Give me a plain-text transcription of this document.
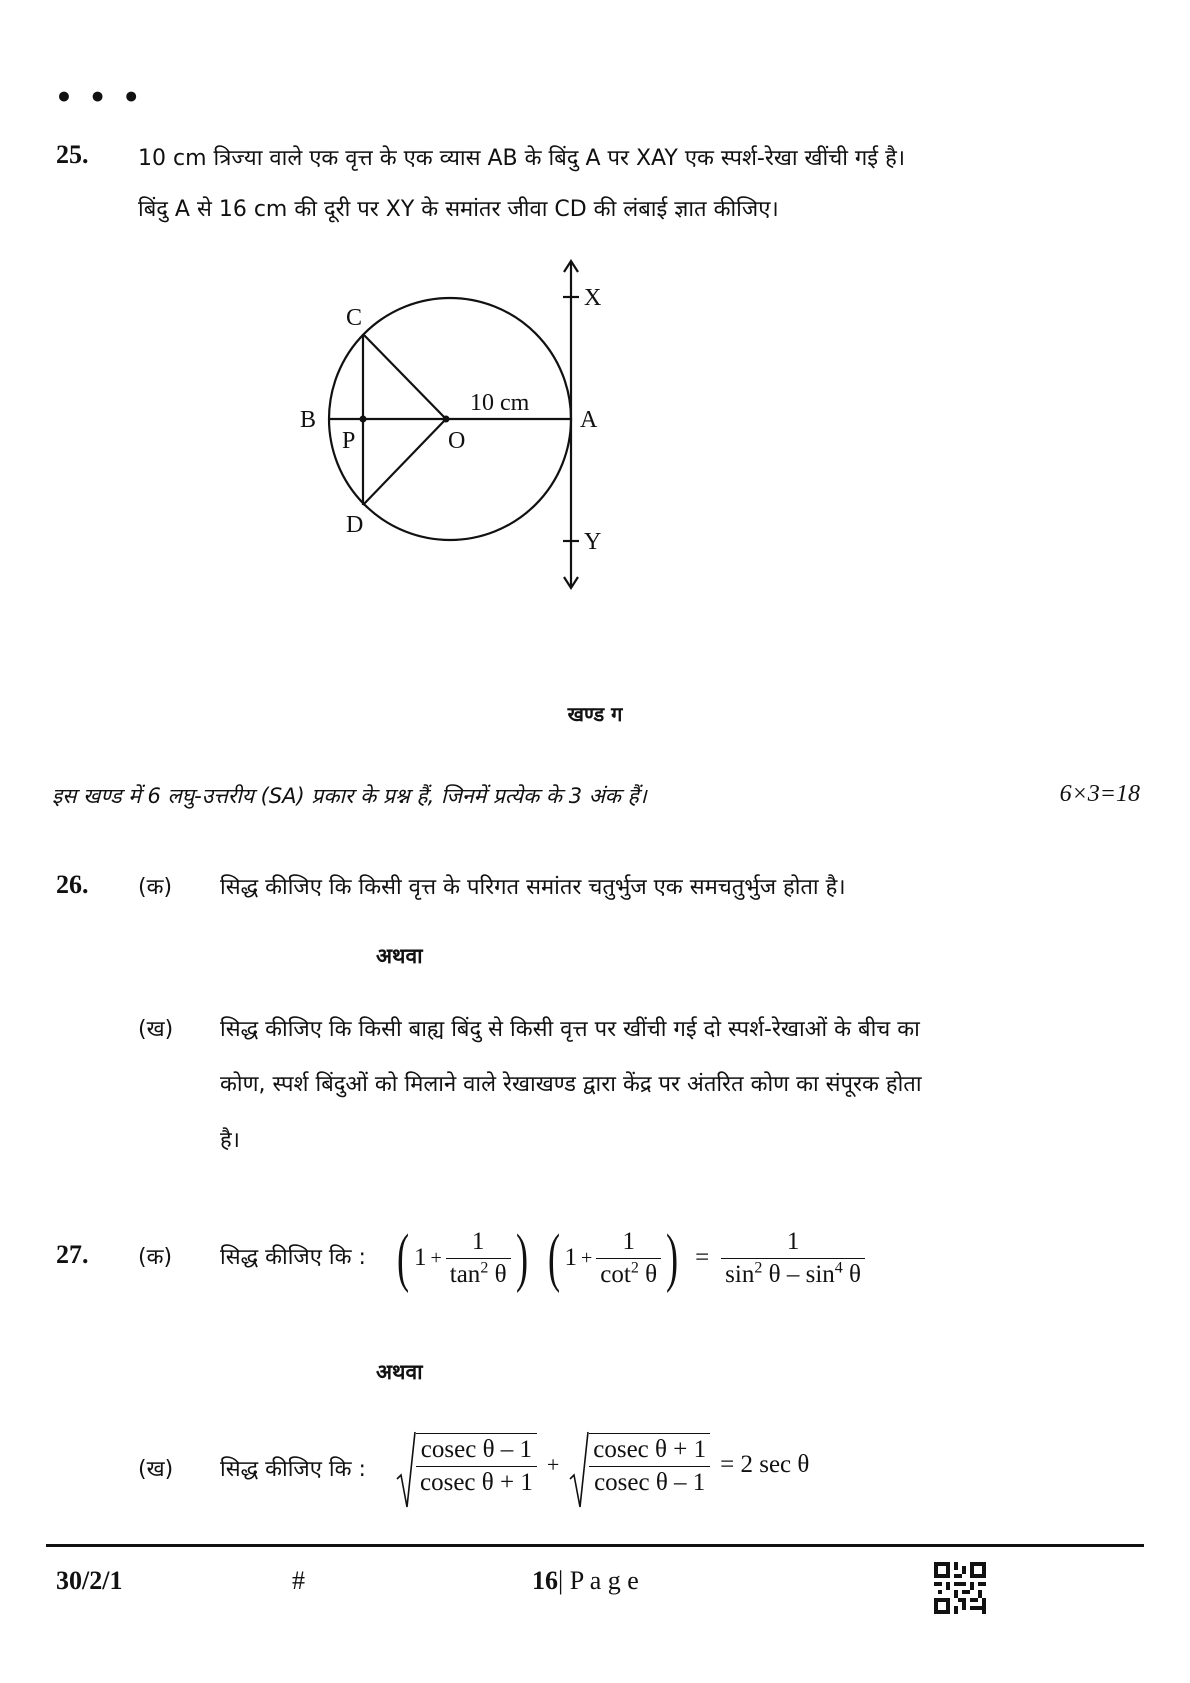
• • •
25. 10 cm त्रिज्या वाले एक वृत्त के एक व्यास AB के बिंदु A पर XAY एक स्पर्श-रेखा खींची गई है।
बिंदु A से 16 cm की दूरी पर XY के समांतर जीवा CD की लंबाई ज्ञात कीजिए।
C
B
P	O
A
D
X
Y
10 cm
खण्ड ग
इस खण्ड में 6 लघु-उत्तरीय (SA) प्रकार के प्रश्न हैं, जिनमें प्रत्येक के 3 अंक हैं।	6×3=18
26. (क) सिद्ध कीजिए कि किसी वृत्त के परिगत समांतर चतुर्भुज एक समचतुर्भुज होता है।
अथवा
(ख) सिद्ध कीजिए कि किसी बाह्य बिंदु से किसी वृत्त पर खींची गई दो स्पर्श-रेखाओं के बीच का
कोण, स्पर्श बिंदुओं को मिलाने वाले रेखाखण्ड द्वारा केंद्र पर अंतरित कोण का संपूरक होता
है।
27. (क) सिद्ध कीजिए कि : ( $1 + \frac{1}{\tan^2 \theta}$ ) ( $1 + \frac{1}{\cot^2 \theta}$ ) = $\frac{1}{\sin^2 \theta - \sin^4 \theta}$
अथवा
(ख) सिद्ध कीजिए कि : $\frac{\text{cosec θ – 1}}{\text{cosec θ + 1}} + \frac{\text{cosec θ + 1}}{\text{cosec θ – 1}} = 2$ sec θ
30/2/1	#	16| P a g e
